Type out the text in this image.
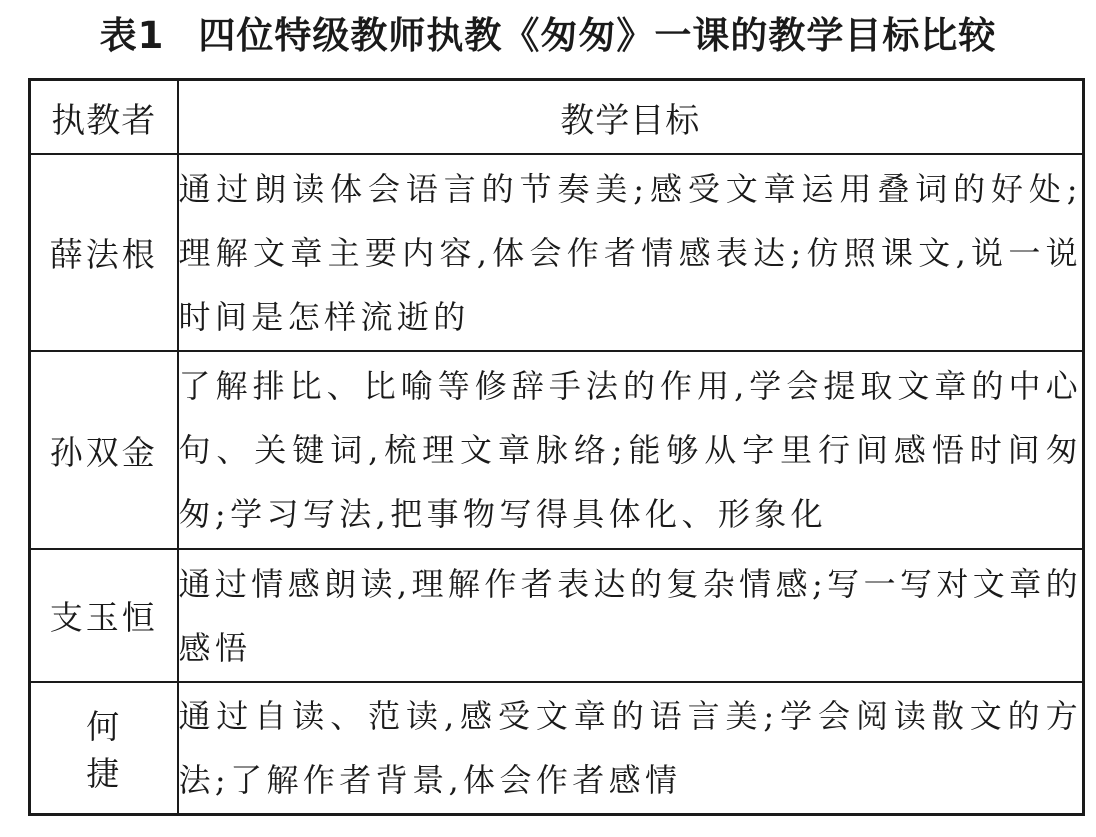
表1 四位特级教师执教《匆匆》一课的教学目标比较
执教者	教学目标
薛法根	通过朗读体会语言的节奏美;感受文章运用叠词的好处;理解文章主要内容,体会作者情感表达;仿照课文,说一说时间是怎样流逝的
孙双金	了解排比、比喻等修辞手法的作用,学会提取文章的中心句、关键词,梳理文章脉络;能够从字里行间感悟时间匆匆;学习写法,把事物写得具体化、形象化
支玉恒	通过情感朗读,理解作者表达的复杂情感;写一写对文章的感悟
何捷	通过自读、范读,感受文章的语言美;学会阅读散文的方法;了解作者背景,体会作者感情
